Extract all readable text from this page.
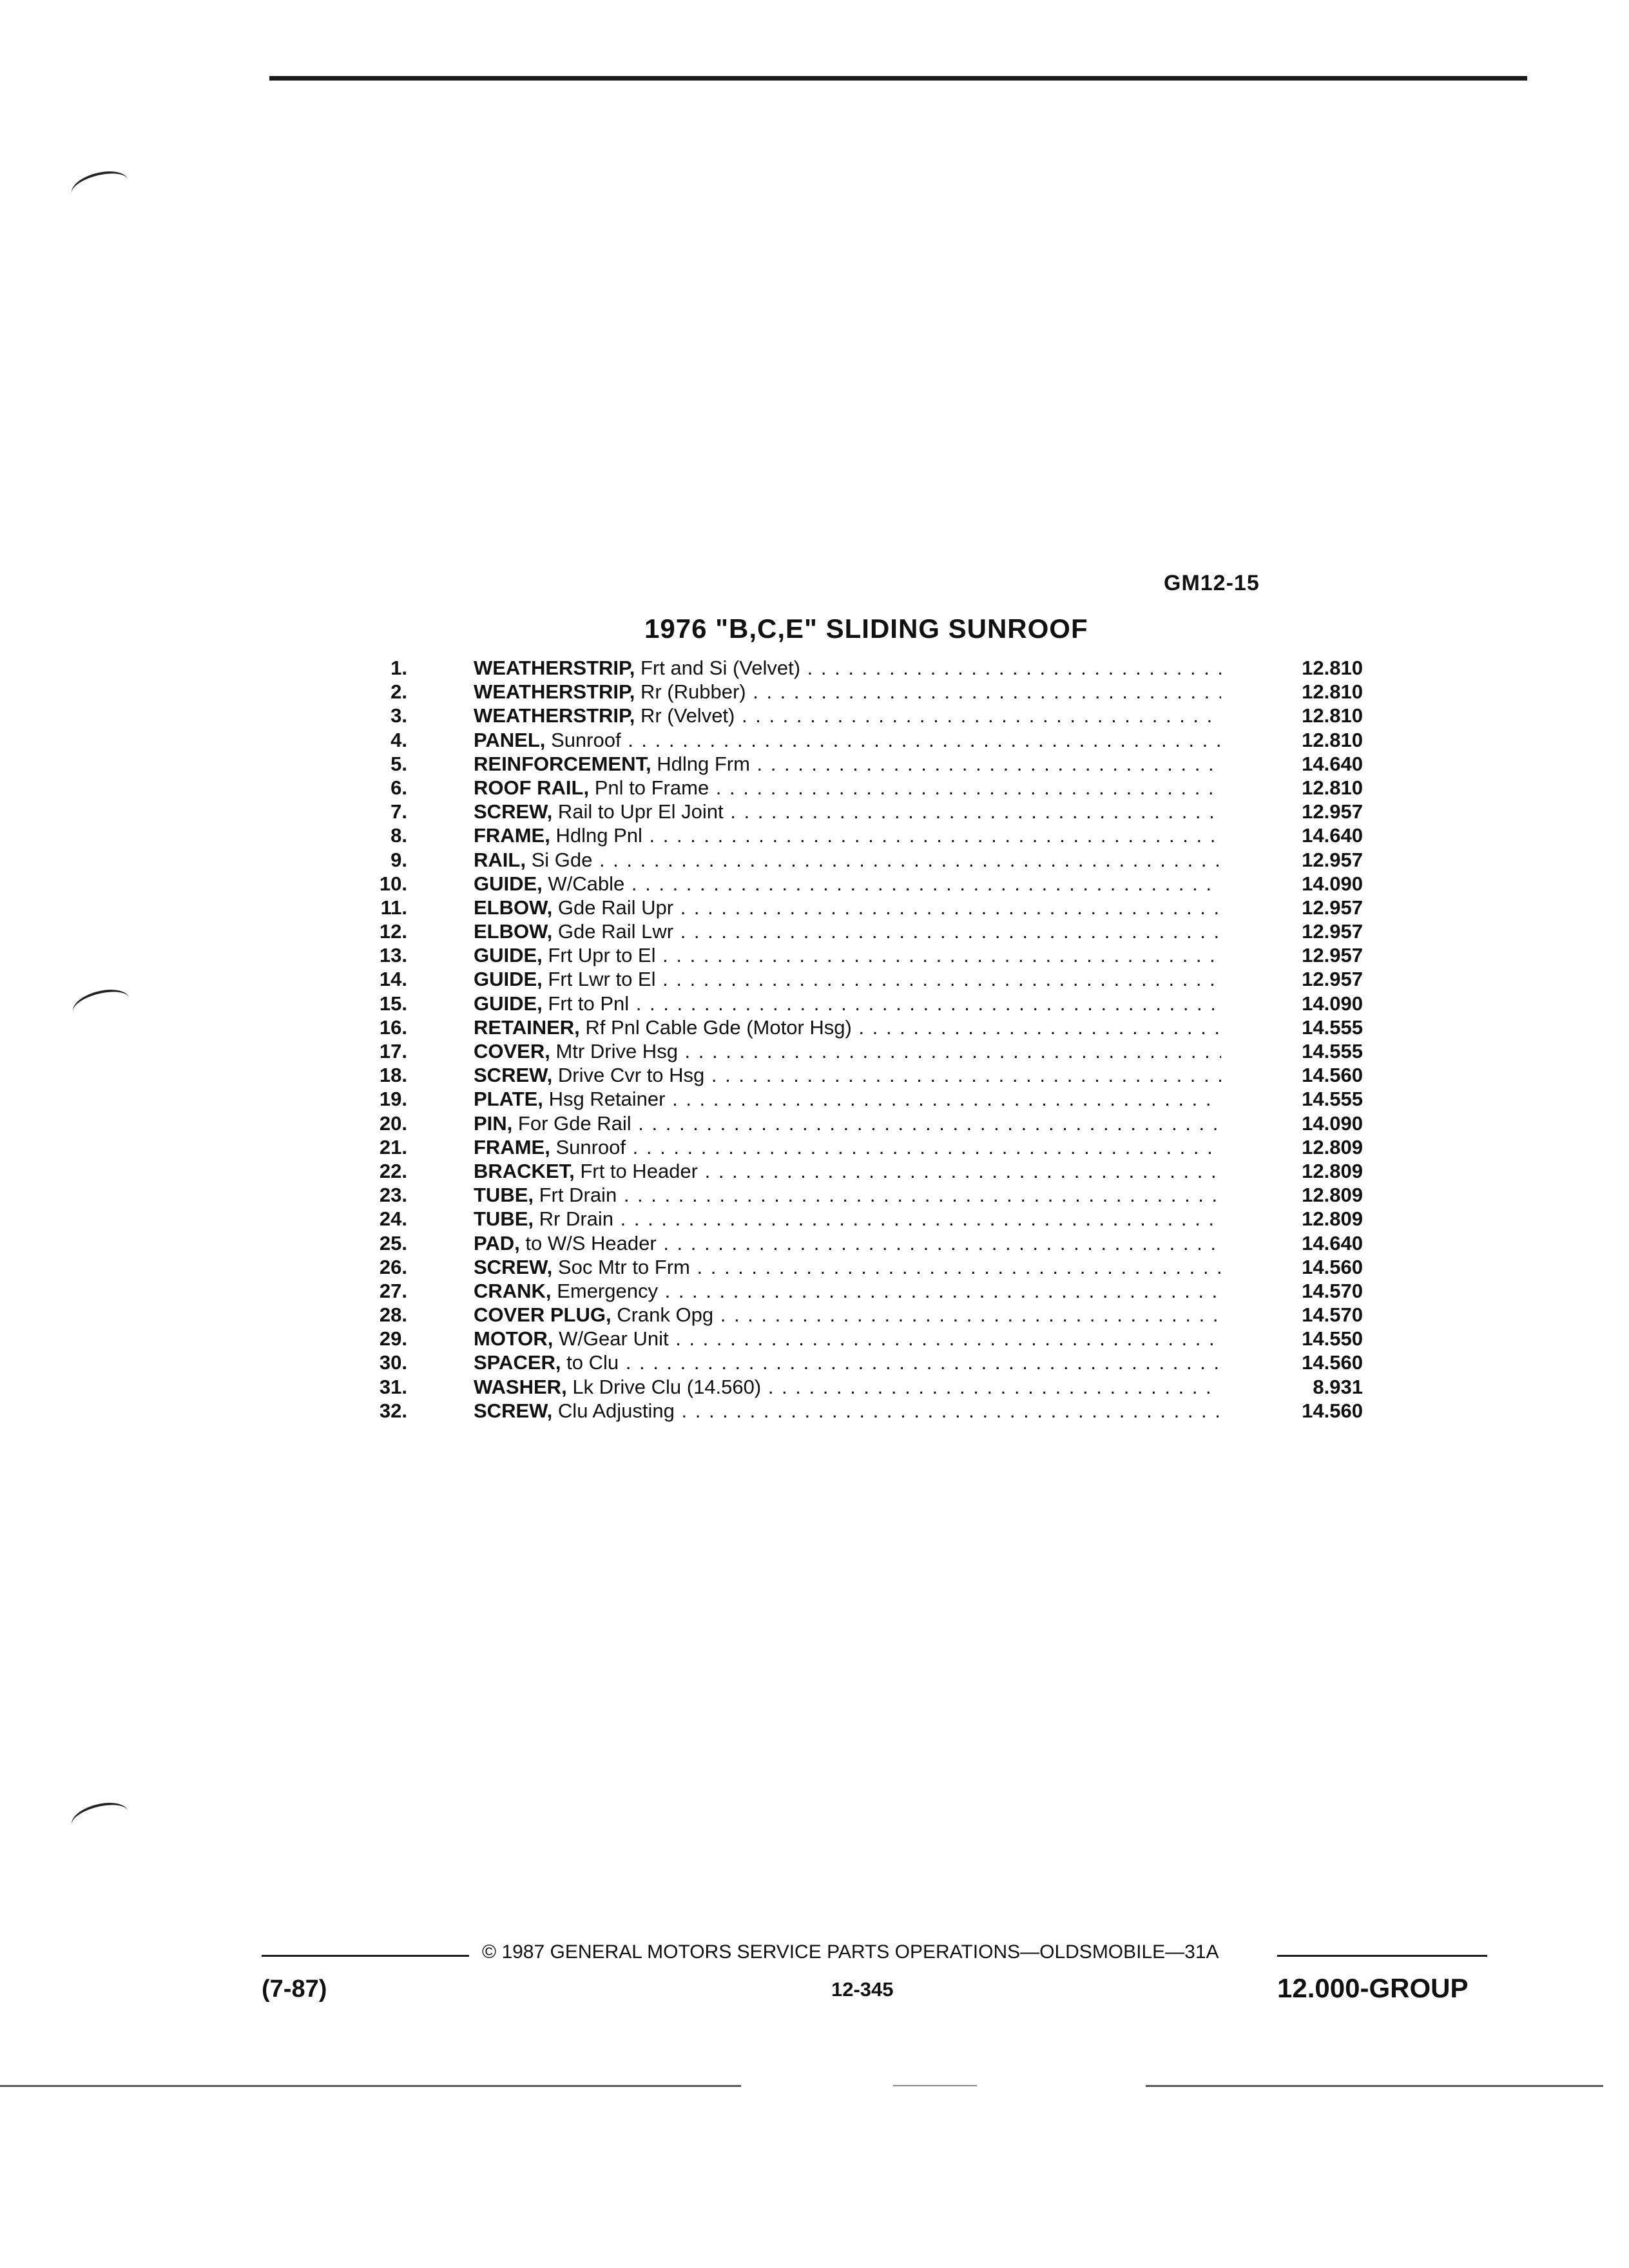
GM12-15
1976 "B,C,E" SLIDING SUNROOF
1.	WEATHERSTRIP, Frt and Si (Velvet) . . .	12.810
2.	WEATHERSTRIP, Rr (Rubber) . . .	12.810
3.	WEATHERSTRIP, Rr (Velvet) . . .	12.810
4.	PANEL, Sunroof . . .	12.810
5.	REINFORCEMENT, Hdlng Frm . . .	14.640
6.	ROOF RAIL, Pnl to Frame . . .	12.810
7.	SCREW, Rail to Upr El Joint . . .	12.957
8.	FRAME, Hdlng Pnl . . .	14.640
9.	RAIL, Si Gde . . .	12.957
10.	GUIDE, W/Cable . . .	14.090
11.	ELBOW, Gde Rail Upr . . .	12.957
12.	ELBOW, Gde Rail Lwr . . .	12.957
13.	GUIDE, Frt Upr to El . . .	12.957
14.	GUIDE, Frt Lwr to El . . .	12.957
15.	GUIDE, Frt to Pnl . . .	14.090
16.	RETAINER, Rf Pnl Cable Gde (Motor Hsg) . . .	14.555
17.	COVER, Mtr Drive Hsg . . .	14.555
18.	SCREW, Drive Cvr to Hsg . . .	14.560
19.	PLATE, Hsg Retainer . . .	14.555
20.	PIN, For Gde Rail . . .	14.090
21.	FRAME, Sunroof . . .	12.809
22.	BRACKET, Frt to Header . . .	12.809
23.	TUBE, Frt Drain . . .	12.809
24.	TUBE, Rr Drain . . .	12.809
25.	PAD, to W/S Header . . .	14.640
26.	SCREW, Soc Mtr to Frm . . .	14.560
27.	CRANK, Emergency . . .	14.570
28.	COVER PLUG, Crank Opg . . .	14.570
29.	MOTOR, W/Gear Unit . . .	14.550
30.	SPACER, to Clu . . .	14.560
31.	WASHER, Lk Drive Clu (14.560) . . .	8.931
32.	SCREW, Clu Adjusting . . .	14.560
© 1987 GENERAL MOTORS SERVICE PARTS OPERATIONS—OLDSMOBILE—31A
(7-87)	12-345	12.000-GROUP
